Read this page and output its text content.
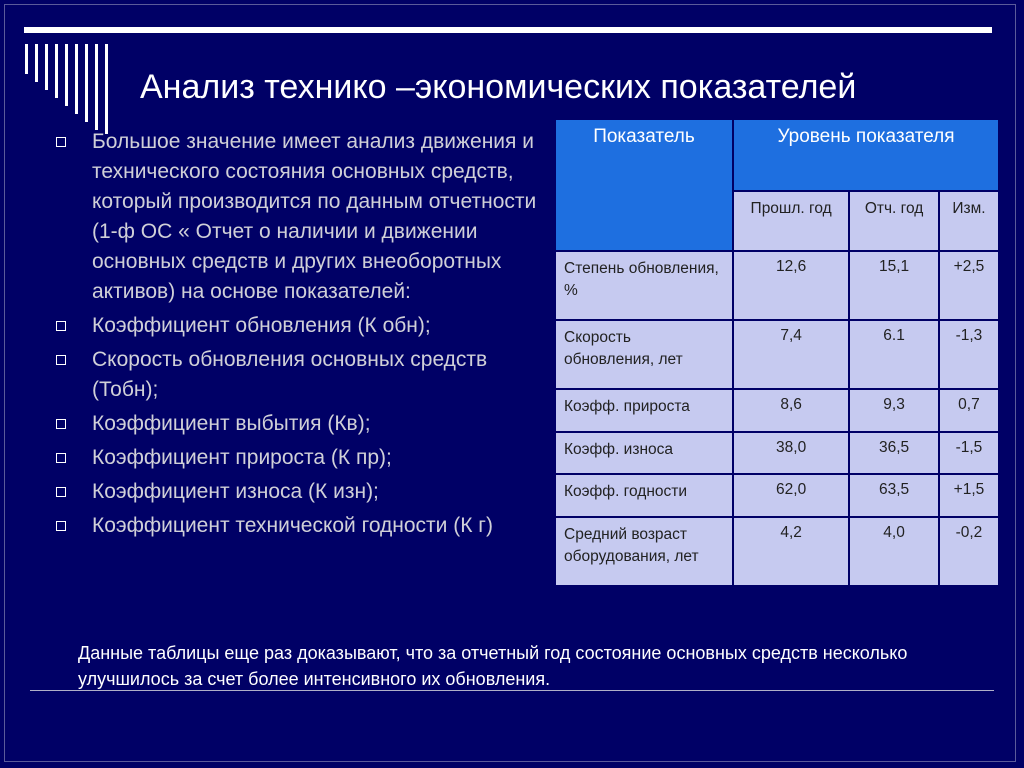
Анализ технико –экономических показателей
Большое значение имеет анализ движения и технического состояния основных средств, который производится по данным отчетности (1-ф ОС « Отчет о наличии и движении основных средств и других внеоборотных активов) на основе показателей:
Коэффициент обновления (К обн);
Скорость обновления основных средств (Тобн);
Коэффициент выбытия (Кв);
Коэффициент прироста (К пр);
Коэффициент износа (К изн);
Коэффициент технической годности (К г)
Показатель	Уровень показателя		
	Прошл. год	Отч. год	Изм.
Степень обновления, %	12,6	15,1	+2,5
Скорость обновления, лет	7,4	6.1	-1,3
Коэфф. прироста	8,6	9,3	0,7
Коэфф. износа	38,0	36,5	-1,5
Коэфф. годности	62,0	63,5	+1,5
Средний возраст оборудования, лет	4,2	4,0	-0,2
Данные таблицы еще раз доказывают, что за отчетный год состояние основных средств несколько улучшилось за счет более интенсивного их обновления.
